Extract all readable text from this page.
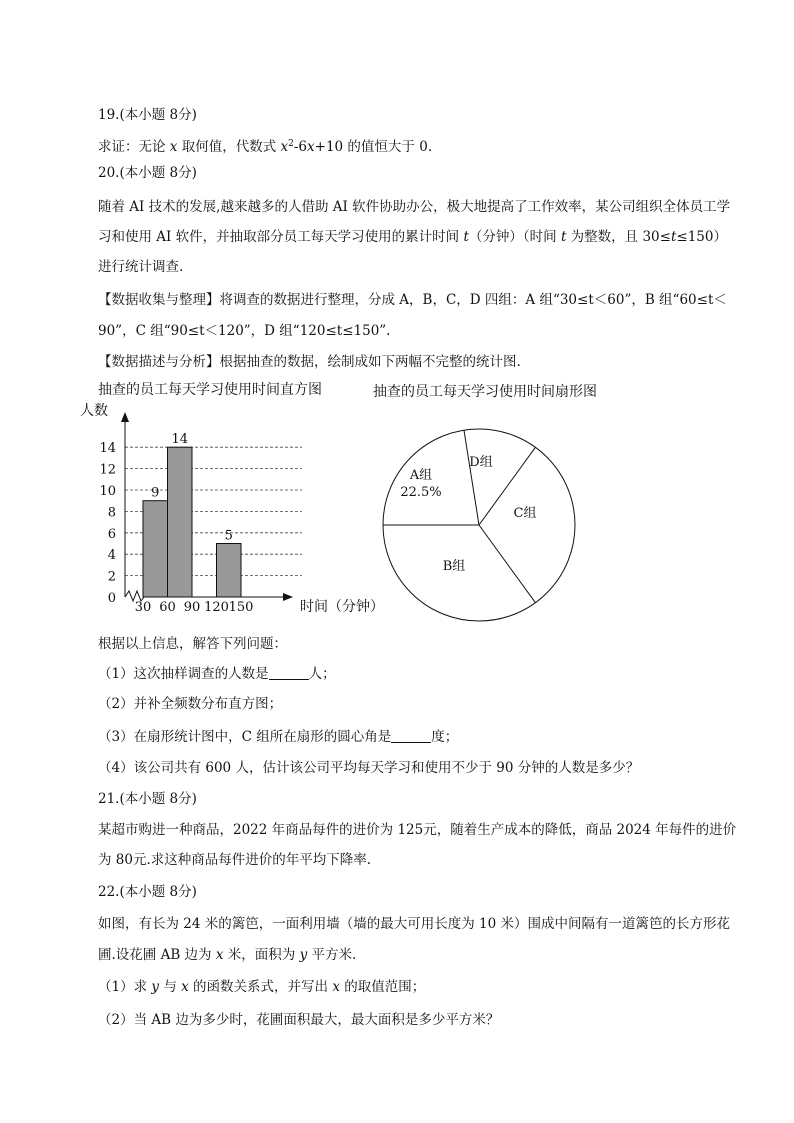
19.(本小题 8分)
求证：无论 x 取何值，代数式 $x^2-6x+10$ 的值恒大于 0.
20.(本小题 8分)
随着 AI 技术的发展,越来越多的人借助 AI 软件协助办公，极大地提高了工作效率，某公司组织全体员工学
习和使用 AI 软件，并抽取部分员工每天学习使用的累计时间 t（分钟）（时间 t 为整数，且 30≤t≤150）
进行统计调查.
【数据收集与整理】将调查的数据进行整理，分成 A，B，C，D 四组：A 组“30≤t＜60”，B 组“60≤t＜
90”，C 组“90≤t＜120”，D 组“120≤t≤150”.
【数据描述与分析】根据抽查的数据，绘制成如下两幅不完整的统计图.
抽查的员工每天学习使用时间直方图
人数
0
2
4
6
8
10
12
14
9
14
5
30 60 90 120 150	时间（分钟）
抽查的员工每天学习使用时间扇形图
A组
22.5%
D组
C组
B组
根据以上信息，解答下列问题：
（1）这次抽样调查的人数是	人；
（2）并补全频数分布直方图；
（3）在扇形统计图中，C 组所在扇形的圆心角是	度；
（4）该公司共有 600 人，估计该公司平均每天学习和使用不少于 90 分钟的人数是多少？
21.(本小题 8分)
某超市购进一种商品，2022 年商品每件的进价为 125元，随着生产成本的降低，商品 2024 年每件的进价
为 80元.求这种商品每件进价的年平均下降率.
22.(本小题 8分)
如图，有长为 24 米的篱笆，一面利用墙（墙的最大可用长度为 10 米）围成中间隔有一道篱笆的长方形花
圃.设花圃 AB 边为 x 米，面积为 y 平方米.
（1）求 y 与 x 的函数关系式，并写出 x 的取值范围；
（2）当 AB 边为多少时，花圃面积最大，最大面积是多少平方米？
